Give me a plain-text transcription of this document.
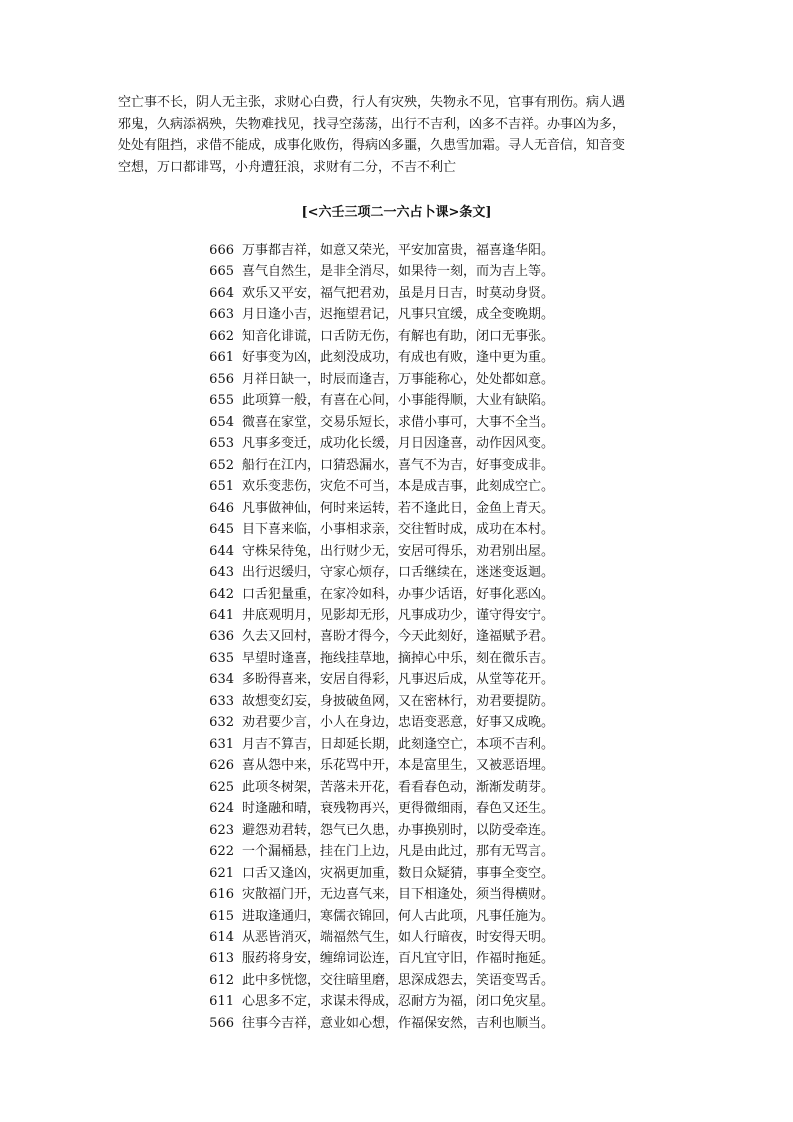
空亡事不长，阴人无主张，求财心白费，行人有灾殃，失物永不见，官事有刑伤。病人遇

邪鬼，久病添祸殃，失物难找见，找寻空荡荡，出行不吉利，凶多不吉祥。办事凶为多，

处处有阻挡，求借不能成，成事化败伤，得病凶多噩，久患雪加霜。寻人无音信，知音变

空想，万口都诽骂，小舟遭狂浪，求财有二分，不吉不利亡

[<六壬三项二一六占卜课>条文]
666 万事都吉祥，如意又荣光，平安加富贵，福喜逢华阳。
665 喜气自然生，是非全消尽，如果待一刻，而为吉上等。
664 欢乐又平安，福气把君劝，虽是月日吉，时莫动身贤。
663 月日逢小吉，迟拖望君记，凡事只宜缓，成全变晚期。
662 知音化诽谎，口舌防无伤，有解也有助，闭口无事张。
661 好事变为凶，此刻没成功，有成也有败，逢中更为重。
656 月祥日缺一，时辰而逢吉，万事能称心，处处都如意。
655 此项算一般，有喜在心间，小事能得顺，大业有缺陷。
654 微喜在家堂，交易乐短长，求借小事可，大事不全当。
653 凡事多变迁，成功化长缓，月日因逢喜，动作因风变。
652 船行在江内，口猜恐漏水，喜气不为吉，好事变成非。
651 欢乐变悲伤，灾危不可当，本是成吉事，此刻成空亡。
646 凡事做神仙，何时来运转，若不逢此日，金鱼上青天。
645 目下喜来临，小事相求亲，交往暂时成，成功在本村。
644 守株呆待兔，出行财少无，安居可得乐，劝君别出屋。
643 出行迟缓归，守家心烦存，口舌继续在，迷迷变返迴。
642 口舌犯量重，在家冷如科，办事少话语，好事化恶凶。
641 井底观明月，见影却无形，凡事成功少，谨守得安宁。
636 久去又回村，喜盼才得今，今天此刻好，逢福赋予君。
635 早望时逢喜，拖线挂草地，摘掉心中乐，刻在微乐吉。
634 多盼得喜来，安居自得彩，凡事迟后成，从堂等花开。
633 故想变幻妄，身披破鱼网，又在密林行，劝君要提防。
632 劝君要少言，小人在身边，忠语变恶意，好事又成晚。
631 月吉不算吉，日却延长期，此刻逢空亡，本项不吉利。
626 喜从怨中来，乐花骂中开，本是富里生，又被恶语埋。
625 此项冬树架，苦落未开花，看看春色动，渐渐发萌芽。
624 时逢融和晴，衰残物再兴，更得微细雨，春色又还生。
623 避怨劝君转，怨气已久患，办事换别时，以防受牵连。
622 一个漏桶悬，挂在门上边，凡是由此过，那有无骂言。
621 口舌又逢凶，灾祸更加重，数日众疑猜，事事全变空。
616 灾散福门开，无边喜气来，目下相逢处，须当得横财。
615 进取逢通归，寒儒衣锦回，何人古此项，凡事任施为。
614 从恶皆消灭，端福然气生，如人行暗夜，时安得天明。
613 服药将身安，缠绵词讼连，百凡宜守旧，作福时拖延。
612 此中多恍惚，交往暗里磨，思深成怨去，笑语变骂舌。
611 心思多不定，求谋未得成，忍耐方为福，闭口免灾星。
566 往事今吉祥，意业如心想，作福保安然，吉利也顺当。
